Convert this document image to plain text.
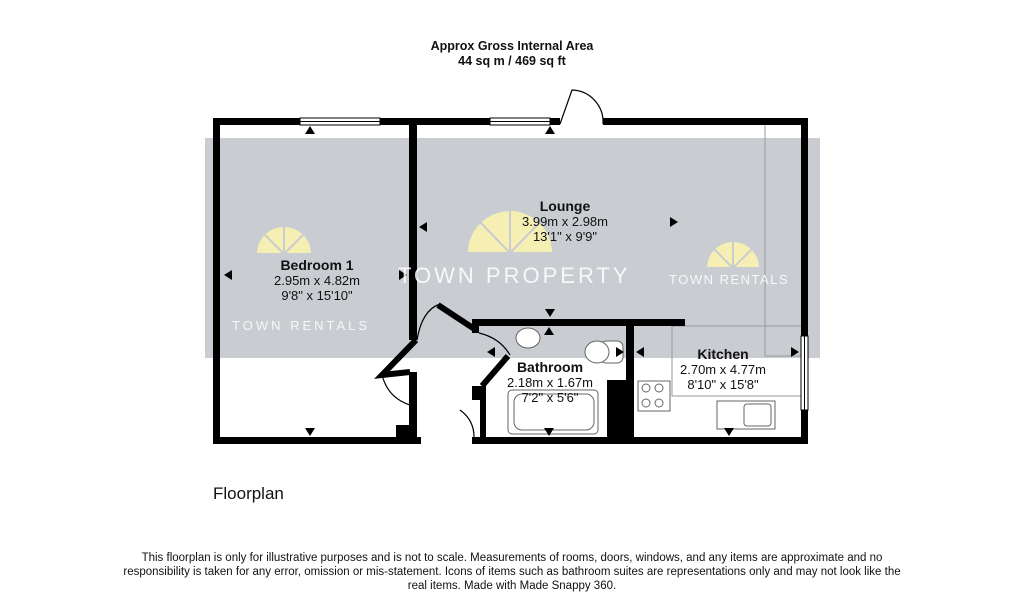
Approx Gross Internal Area
44 sq m / 469 sq ft
TOWN RENTALS
TOWN PROPERTY	TOWN RENTALS
Bedroom 1
2.95m x 4.82m
9'8" x 15'10"
Lounge
3.99m x 2.98m
13'1" x 9'9"
Bathroom
2.18m x 1.67m
7'2" x 5'6"
Kitchen
2.70m x 4.77m
8'10" x 15'8"
Floorplan
This floorplan is only for illustrative purposes and is not to scale. Measurements of rooms, doors, windows, and any items are approximate and no responsibility is taken for any error, omission or mis-statement. Icons of items such as bathroom suites are representations only and may not look like the real items. Made with Made Snappy 360.
